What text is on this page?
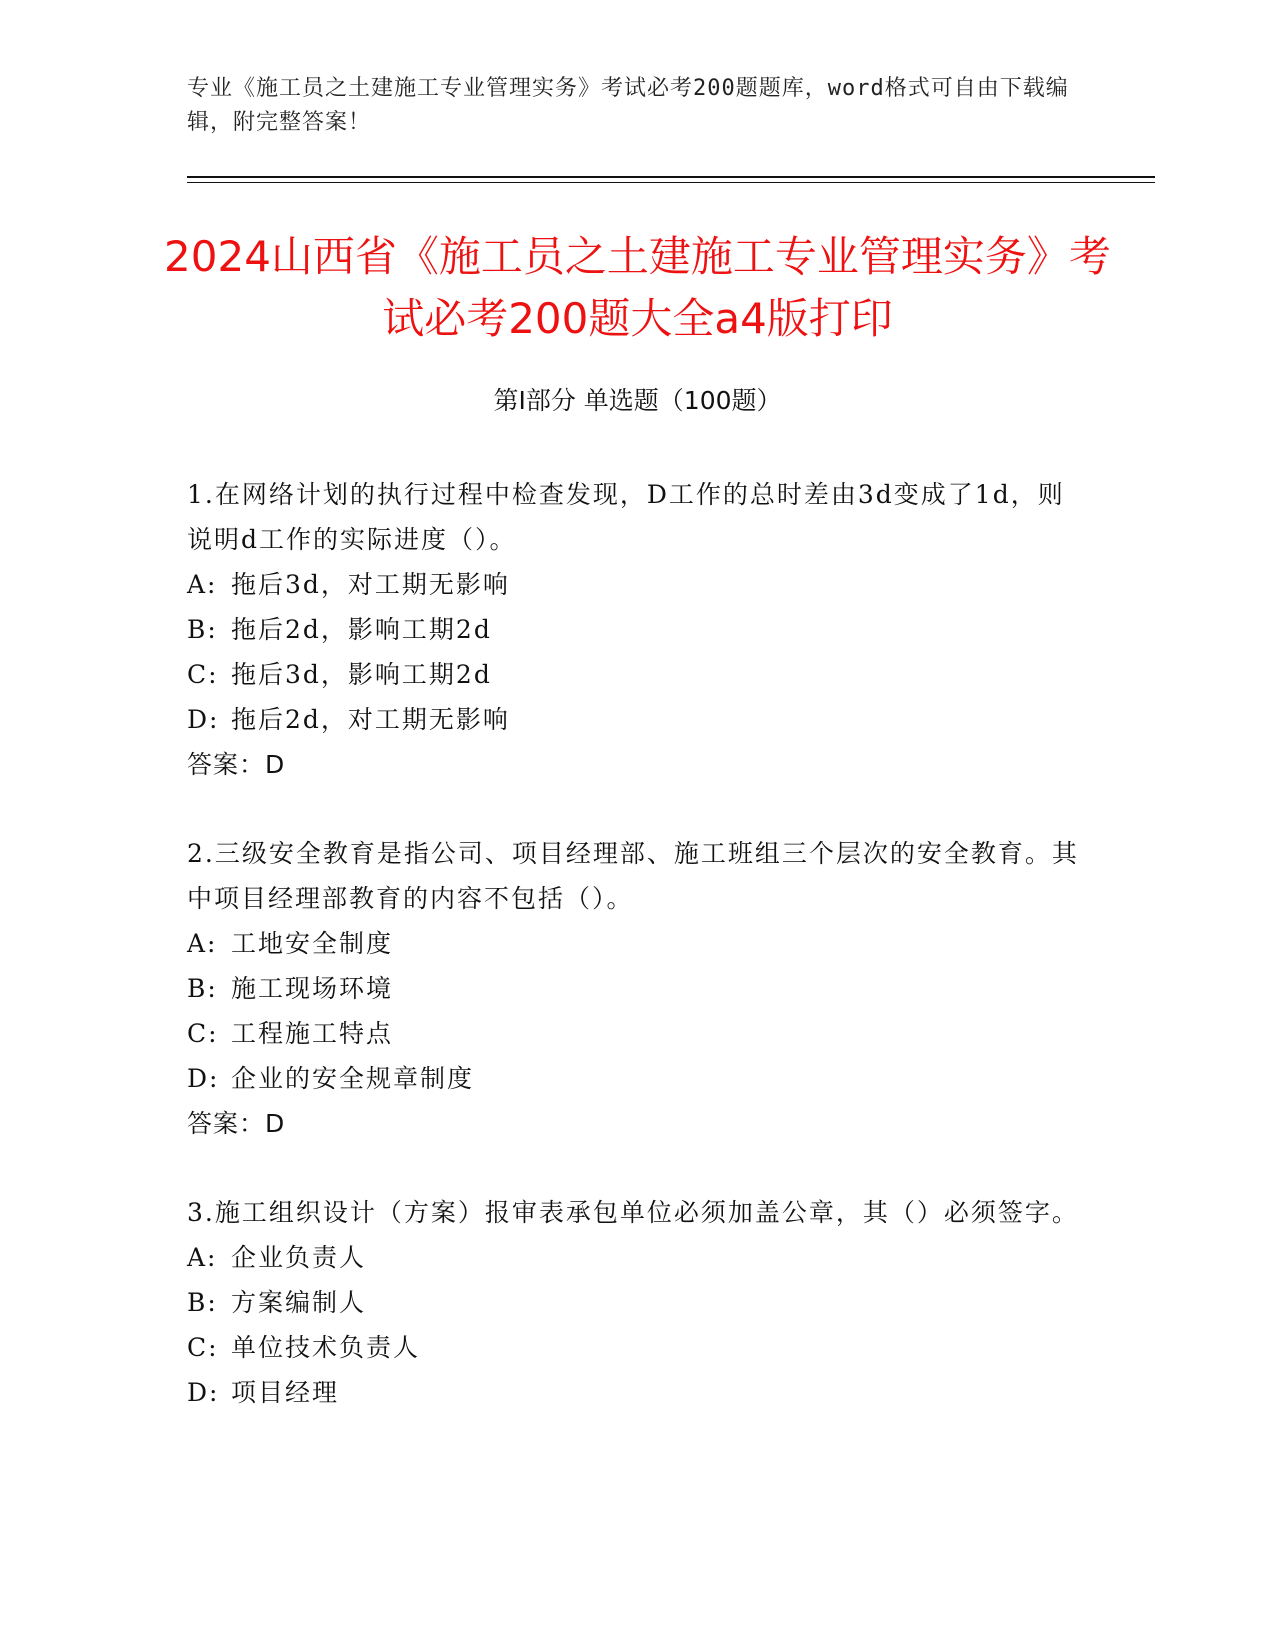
专业《施工员之土建施工专业管理实务》考试必考200题题库，word格式可自由下载编辑，附完整答案！
2024山西省《施工员之土建施工专业管理实务》考试必考200题大全a4版打印
第Ⅰ部分 单选题（100题）
1.在网络计划的执行过程中检查发现，D工作的总时差由3d变成了1d，则说明d工作的实际进度（）。
A: 拖后3d，对工期无影响
B: 拖后2d，影响工期2d
C: 拖后3d，影响工期2d
D: 拖后2d，对工期无影响
答案：D
2.三级安全教育是指公司、项目经理部、施工班组三个层次的安全教育。其中项目经理部教育的内容不包括（）。
A: 工地安全制度
B: 施工现场环境
C: 工程施工特点
D: 企业的安全规章制度
答案：D
3.施工组织设计（方案）报审表承包单位必须加盖公章，其（）必须签字。
A: 企业负责人
B: 方案编制人
C: 单位技术负责人
D: 项目经理
